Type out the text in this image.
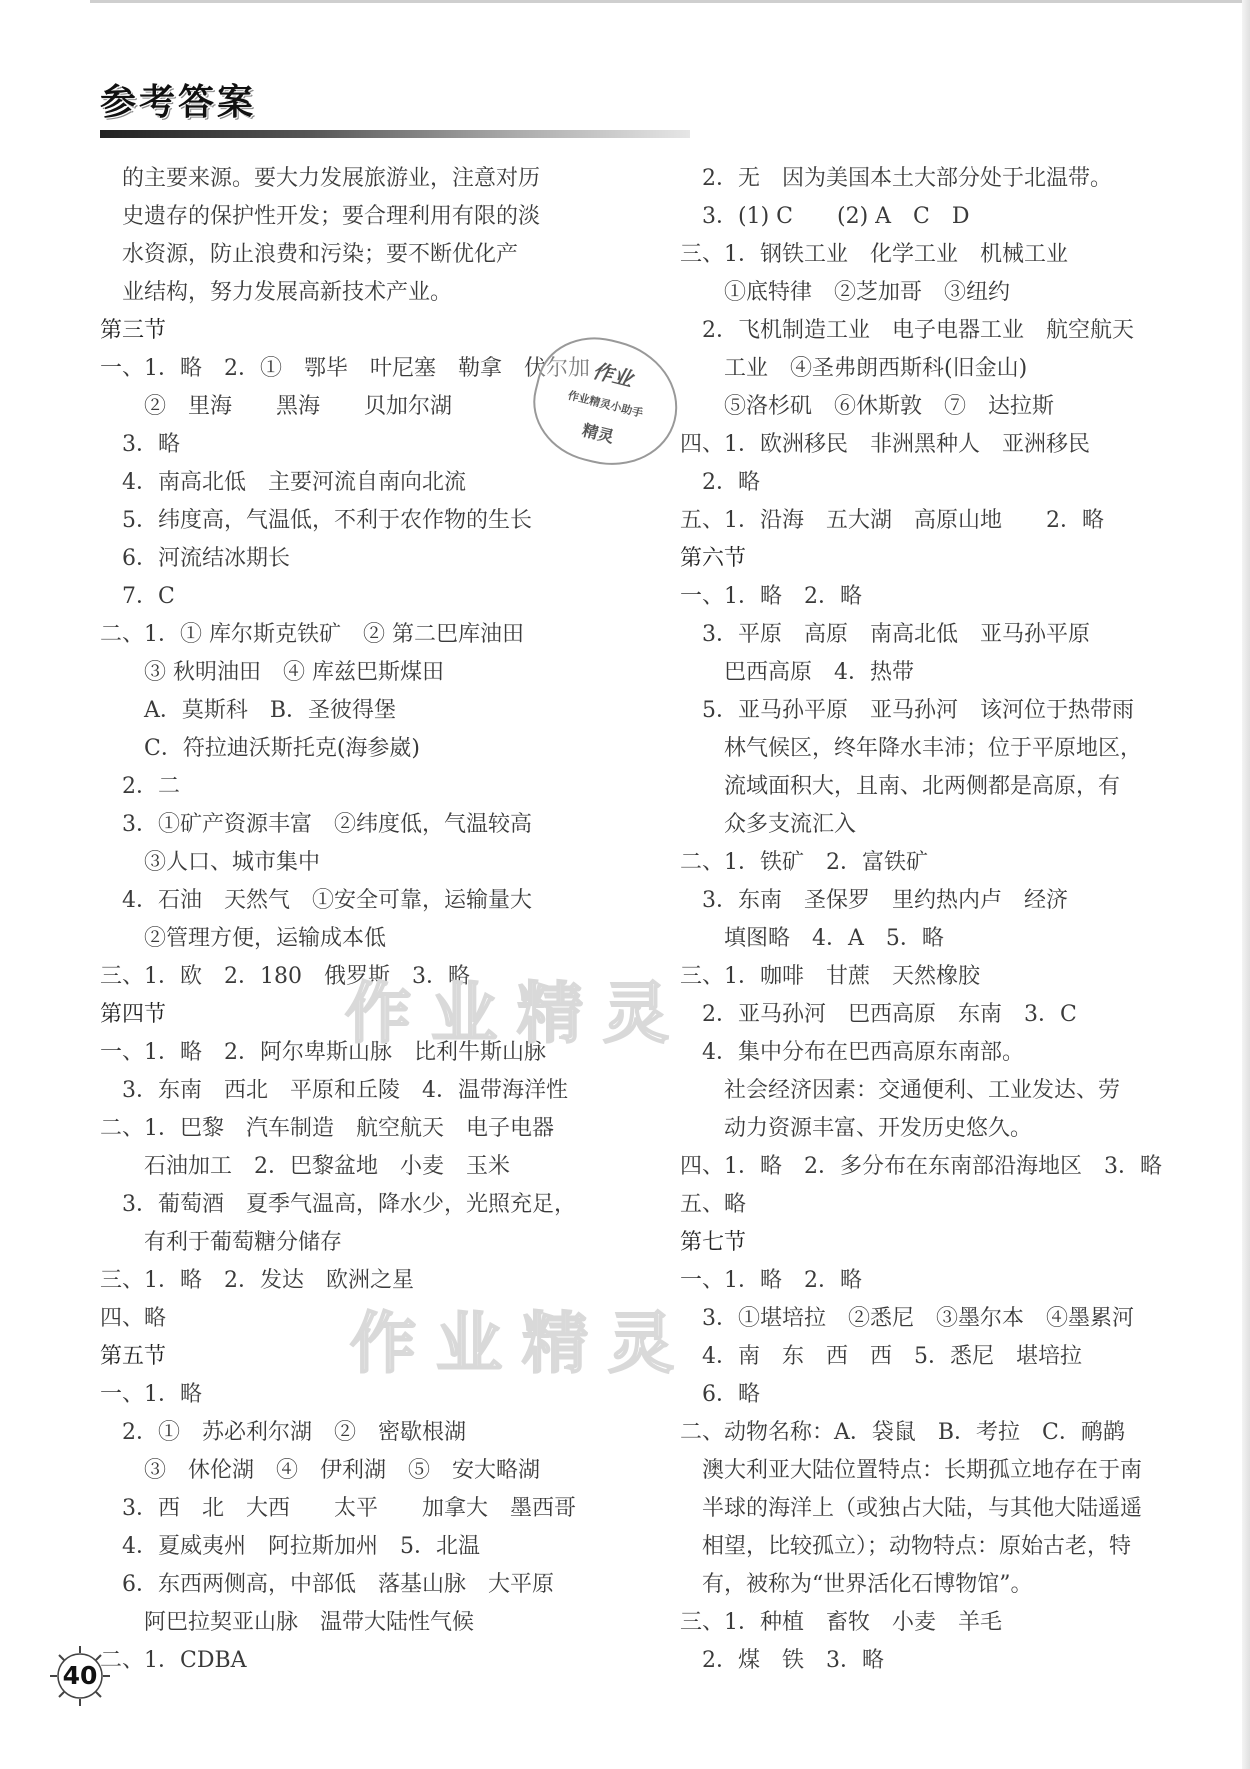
参考答案
　的主要来源。要大力发展旅游业，注意对历
　史遗存的保护性开发；要合理利用有限的淡
　水资源，防止浪费和污染；要不断优化产
　业结构，努力发展高新技术产业。
第三节
一、1．略　2．①　鄂毕　叶尼塞　勒拿　伏尔加
　　②　里海　　黑海　　贝加尔湖
　3．略
　4．南高北低　主要河流自南向北流
　5．纬度高，气温低，不利于农作物的生长
　6．河流结冰期长
　7．C
二、1．① 库尔斯克铁矿　② 第二巴库油田
　　③ 秋明油田　④ 库兹巴斯煤田
　　A．莫斯科　B．圣彼得堡
　　C．符拉迪沃斯托克(海参崴)
　2．二
　3．①矿产资源丰富　②纬度低，气温较高
　　③人口、城市集中
　4．石油　天然气　①安全可靠，运输量大
　　②管理方便，运输成本低
三、1．欧　2．180　俄罗斯　3．略
第四节
一、1．略　2．阿尔卑斯山脉　比利牛斯山脉
　3．东南　西北　平原和丘陵　4．温带海洋性
二、1．巴黎　汽车制造　航空航天　电子电器
　　石油加工　2．巴黎盆地　小麦　玉米
　3．葡萄酒　夏季气温高，降水少，光照充足，
　　有利于葡萄糖分储存
三、1．略　2．发达　欧洲之星
四、略
第五节
一、1．略
　2．①　苏必利尔湖　②　密歇根湖
　　③　休伦湖　④　伊利湖　⑤　安大略湖
　3．西　北　大西　　太平　　加拿大　墨西哥
　4．夏威夷州　阿拉斯加州　5．北温
　6．东西两侧高，中部低　落基山脉　大平原
　　阿巴拉契亚山脉　温带大陆性气候
二、1．CDBA
　2．无　因为美国本土大部分处于北温带。
　3．(1) C　　(2) A　C　D
三、1．钢铁工业　化学工业　机械工业
　　①底特律　②芝加哥　③纽约
　2．飞机制造工业　电子电器工业　航空航天
　　工业　④圣弗朗西斯科(旧金山)
　　⑤洛杉矶　⑥休斯敦　⑦　达拉斯
四、1．欧洲移民　非洲黑种人　亚洲移民
　2．略
五、1．沿海　五大湖　高原山地　　2．略
第六节
一、1．略　2．略
　3．平原　高原　南高北低　亚马孙平原
　　巴西高原　4．热带
　5．亚马孙平原　亚马孙河　该河位于热带雨
　　林气候区，终年降水丰沛；位于平原地区，
　　流域面积大，且南、北两侧都是高原，有
　　众多支流汇入
二、1．铁矿　2．富铁矿
　3．东南　圣保罗　里约热内卢　经济
　　填图略　4．A　5．略
三、1．咖啡　甘蔗　天然橡胶
　2．亚马孙河　巴西高原　东南　3．C
　4．集中分布在巴西高原东南部。
　　社会经济因素：交通便利、工业发达、劳
　　动力资源丰富、开发历史悠久。
四、1．略　2．多分布在东南部沿海地区　3．略
五、略
第七节
一、1．略　2．略
　3．①堪培拉　②悉尼　③墨尔本　④墨累河
　4．南　东　西　西　5．悉尼　堪培拉
　6．略
二、动物名称：A．袋鼠　B．考拉　C．鸸鹋
　澳大利亚大陆位置特点：长期孤立地存在于南
　半球的海洋上（或独占大陆，与其他大陆遥遥
　相望，比较孤立）；动物特点：原始古老，特
　有，被称为“世界活化石博物馆”。
三、1．种植　畜牧　小麦　羊毛
　2．煤　铁　3．略
作业
作业精灵小助手
精灵
作业精灵
作业精灵
40
